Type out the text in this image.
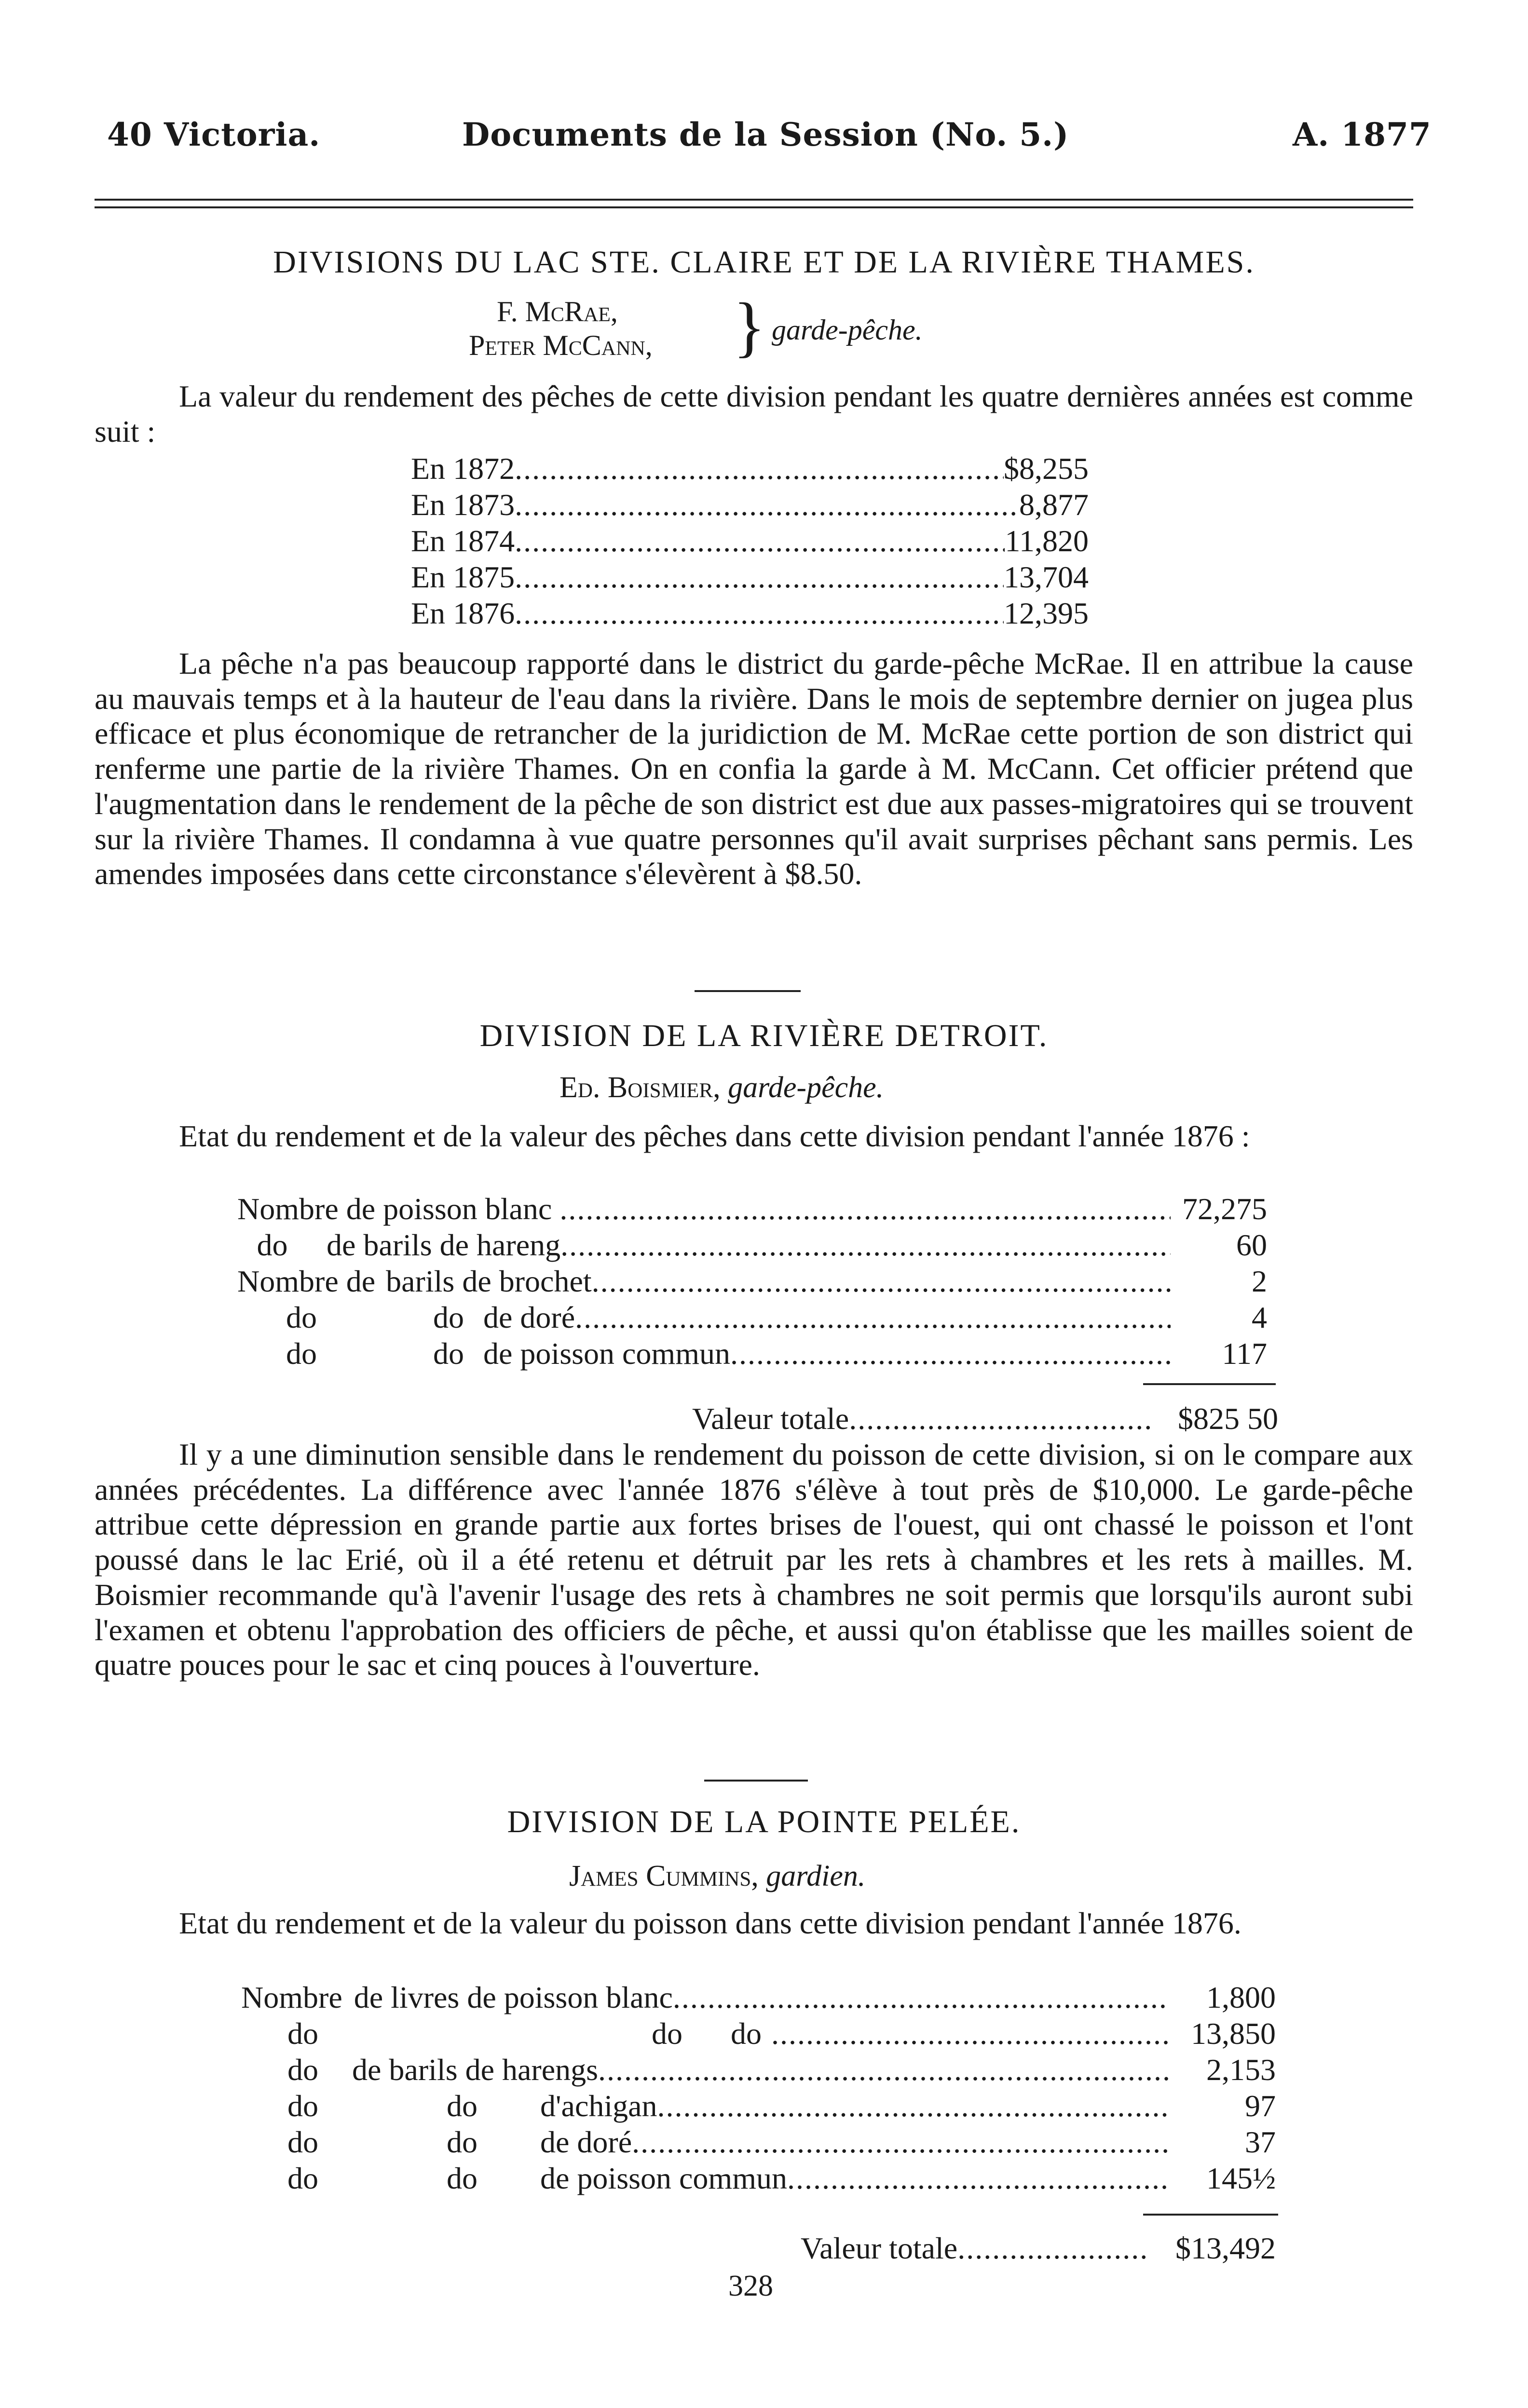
40 Victoria.	Documents de la Session (No. 5.)	A. 1877
DIVISIONS DU LAC STE. CLAIRE ET DE LA RIVIÈRE THAMES.
F. McRae,
Peter McCann, } garde-pêche.
La valeur du rendement des pêches de cette division pendant les quatre dernières années est comme suit :
En 1872 .....	$8,255
En 1873 .....	8,877
En 1874 .....	11,820
En 1875 .....	13,704
En 1876 .....	12,395
La pêche n'a pas beaucoup rapporté dans le district du garde-pêche McRae. Il en attribue la cause au mauvais temps et à la hauteur de l'eau dans la rivière. Dans le mois de septembre dernier on jugea plus efficace et plus économique de retrancher de la juridiction de M. McRae cette portion de son district qui renferme une partie de la rivière Thames. On en confia la garde à M. McCann. Cet officier prétend que l'augmentation dans le rendement de la pêche de son district est due aux passes-migratoires qui se trouvent sur la rivière Thames. Il condamna à vue quatre personnes qu'il avait surprises pêchant sans permis. Les amendes imposées dans cette circonstance s'élevèrent à $8.50.
DIVISION DE LA RIVIÈRE DETROIT.
Ed. Boismier, garde-pêche.
Etat du rendement et de la valeur des pêches dans cette division pendant l'année 1876 :
Nombre de poisson blanc .....	72,275
do	de barils de hareng .....	60
Nombre de barils de brochet .....	2
do	do de doré .....	4
do	do de poisson commun .....	117
Valeur totale .....	$825 50
Il y a une diminution sensible dans le rendement du poisson de cette division, si on le compare aux années précédentes. La différence avec l'année 1876 s'élève à tout près de $10,000. Le garde-pêche attribue cette dépression en grande partie aux fortes brises de l'ouest, qui ont chassé le poisson et l'ont poussé dans le lac Erié, où il a été retenu et détruit par les rets à chambres et les rets à mailles. M. Boismier recommande qu'à l'avenir l'usage des rets à chambres ne soit permis que lorsqu'ils auront subi l'examen et obtenu l'approbation des officiers de pêche, et aussi qu'on établisse que les mailles soient de quatre pouces pour le sac et cinq pouces à l'ouverture.
DIVISION DE LA POINTE PELÉE.
James Cummins, gardien.
Etat du rendement et de la valeur du poisson dans cette division pendant l'année 1876.
Nombre de livres de poisson blanc .....	1,800
do	do do .....	13,850
do de barils de harengs .....	2,153
do	do d'achigan .....	97
do	do de doré .....	37
do	do de poisson commun .....	145½
Valeur totale .....	$13,492
328
